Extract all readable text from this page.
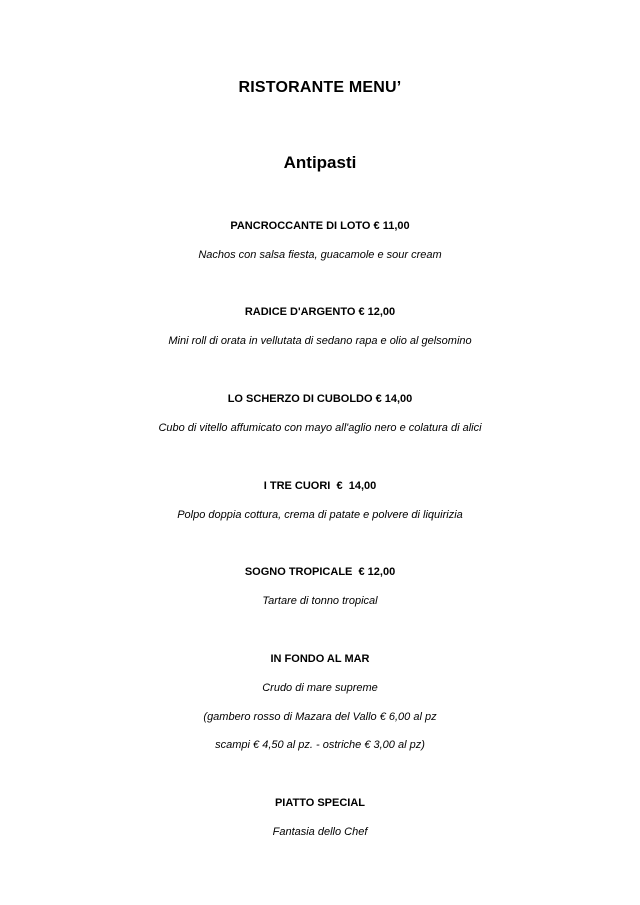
RISTORANTE MENU’
Antipasti
PANCROCCANTE DI LOTO € 11,00
Nachos con salsa fiesta, guacamole e sour cream
RADICE D'ARGENTO € 12,00
Mini roll di orata in vellutata di sedano rapa e olio al gelsomino
LO SCHERZO DI CUBOLDO € 14,00
Cubo di vitello affumicato con mayo all'aglio nero e colatura di alici
I TRE CUORI  €  14,00
Polpo doppia cottura, crema di patate e polvere di liquirizia
SOGNO TROPICALE  € 12,00
Tartare di tonno tropical
IN FONDO AL MAR
Crudo di mare supreme
(gambero rosso di Mazara del Vallo € 6,00 al pz
scampi € 4,50 al pz. - ostriche € 3,00 al pz)
PIATTO SPECIAL
Fantasia dello Chef
